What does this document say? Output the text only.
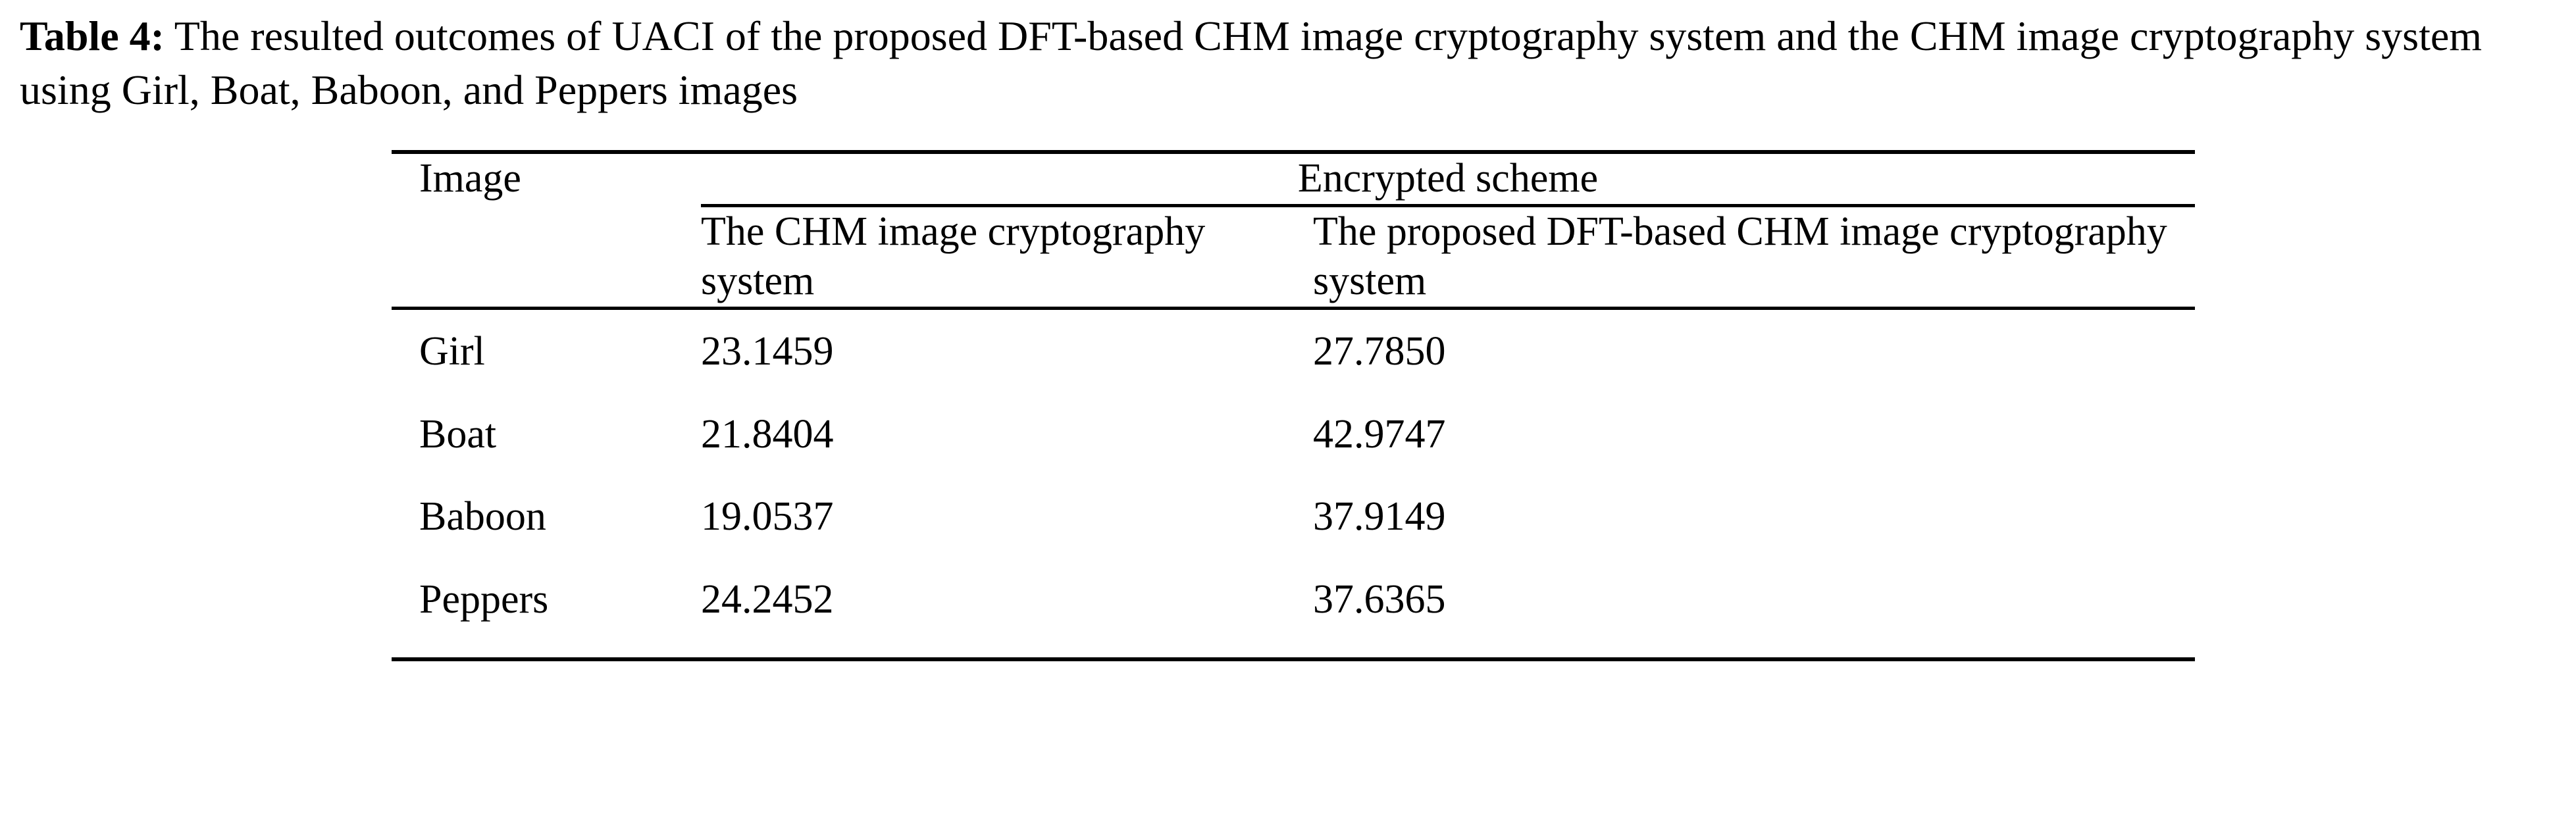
Table 4: The resulted outcomes of UACI of the proposed DFT-based CHM image cryptography system and the CHM image cryptography system using Girl, Boat, Baboon, and Peppers images
Image	Encrypted scheme	

	The CHM image cryptography system	The proposed DFT-based CHM image cryptography system
Girl	23.1459	27.7850
Boat	21.8404	42.9747
Baboon	19.0537	37.9149
Peppers	24.2452	37.6365
